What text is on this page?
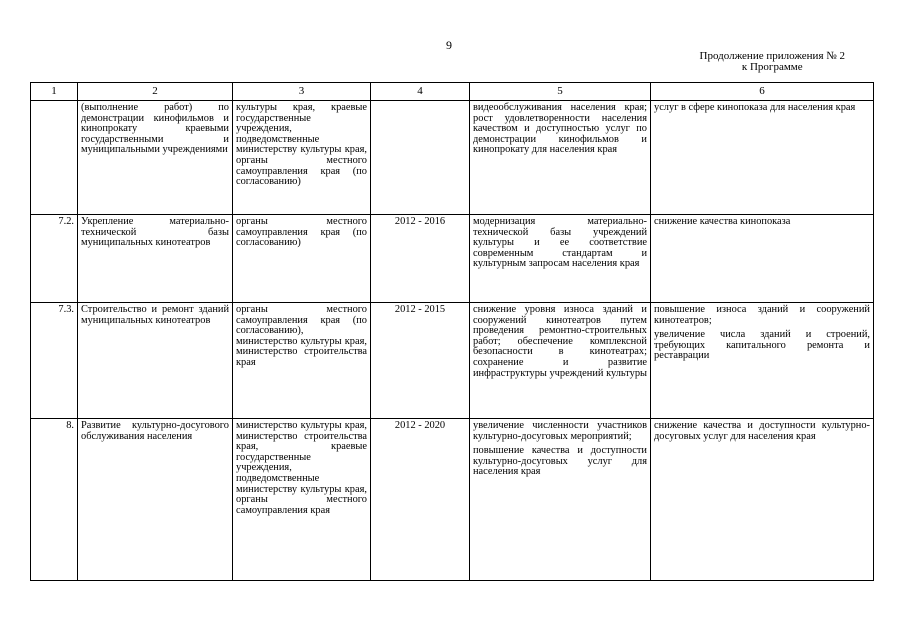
9
Продолжение приложения № 2
к Программе
1	2	3	4	5	6
	(выполнение работ) по демонстрации кинофильмов и кинопрокату краевыми государственными и муниципальными учреждениями	культуры края, краевые государственные учреждения, подведомственные министерству культуры края, органы местного самоуправления края (по согласованию)		видеообслуживания населения края; рост удовлетворенности населения качеством и доступностью услуг по демонстрации кинофильмов и кинопрокату для населения края	услуг в сфере кинопоказа для населения края

7.2.	Укрепление материально-технической базы муниципальных кинотеатров	органы местного самоуправления края (по согласованию)	2012 - 2016	модернизация материально-технической базы учреждений культуры и ее соответствие современным стандартам и культурным запросам населения края	снижение качества кинопоказа

7.3.	Строительство и ремонт зданий муниципальных кинотеатров	органы местного самоуправления края (по согласованию), министерство культуры края, министерство строительства края	2012 - 2015	снижение уровня износа зданий и сооружений кинотеатров путем проведения ремонтно-строительных работ; обеспечение комплексной безопасности в кинотеатрах; сохранение и развитие инфраструктуры учреждений культуры	повышение износа зданий и сооружений кинотеатров;

увеличение числа зданий и строений, требующих капитального ремонта и реставрации

8.	Развитие культурно-досугового обслуживания населения	министерство культуры края, министерство строительства края, краевые государственные учреждения, подведомственные министерству культуры края, органы местного самоуправления края	2012 - 2020	увеличение численности участников культурно-досуговых мероприятий;

повышение качества и доступности культурно-досуговых услуг для населения края	снижение качества и доступности культурно-досуговых услуг для населения края
